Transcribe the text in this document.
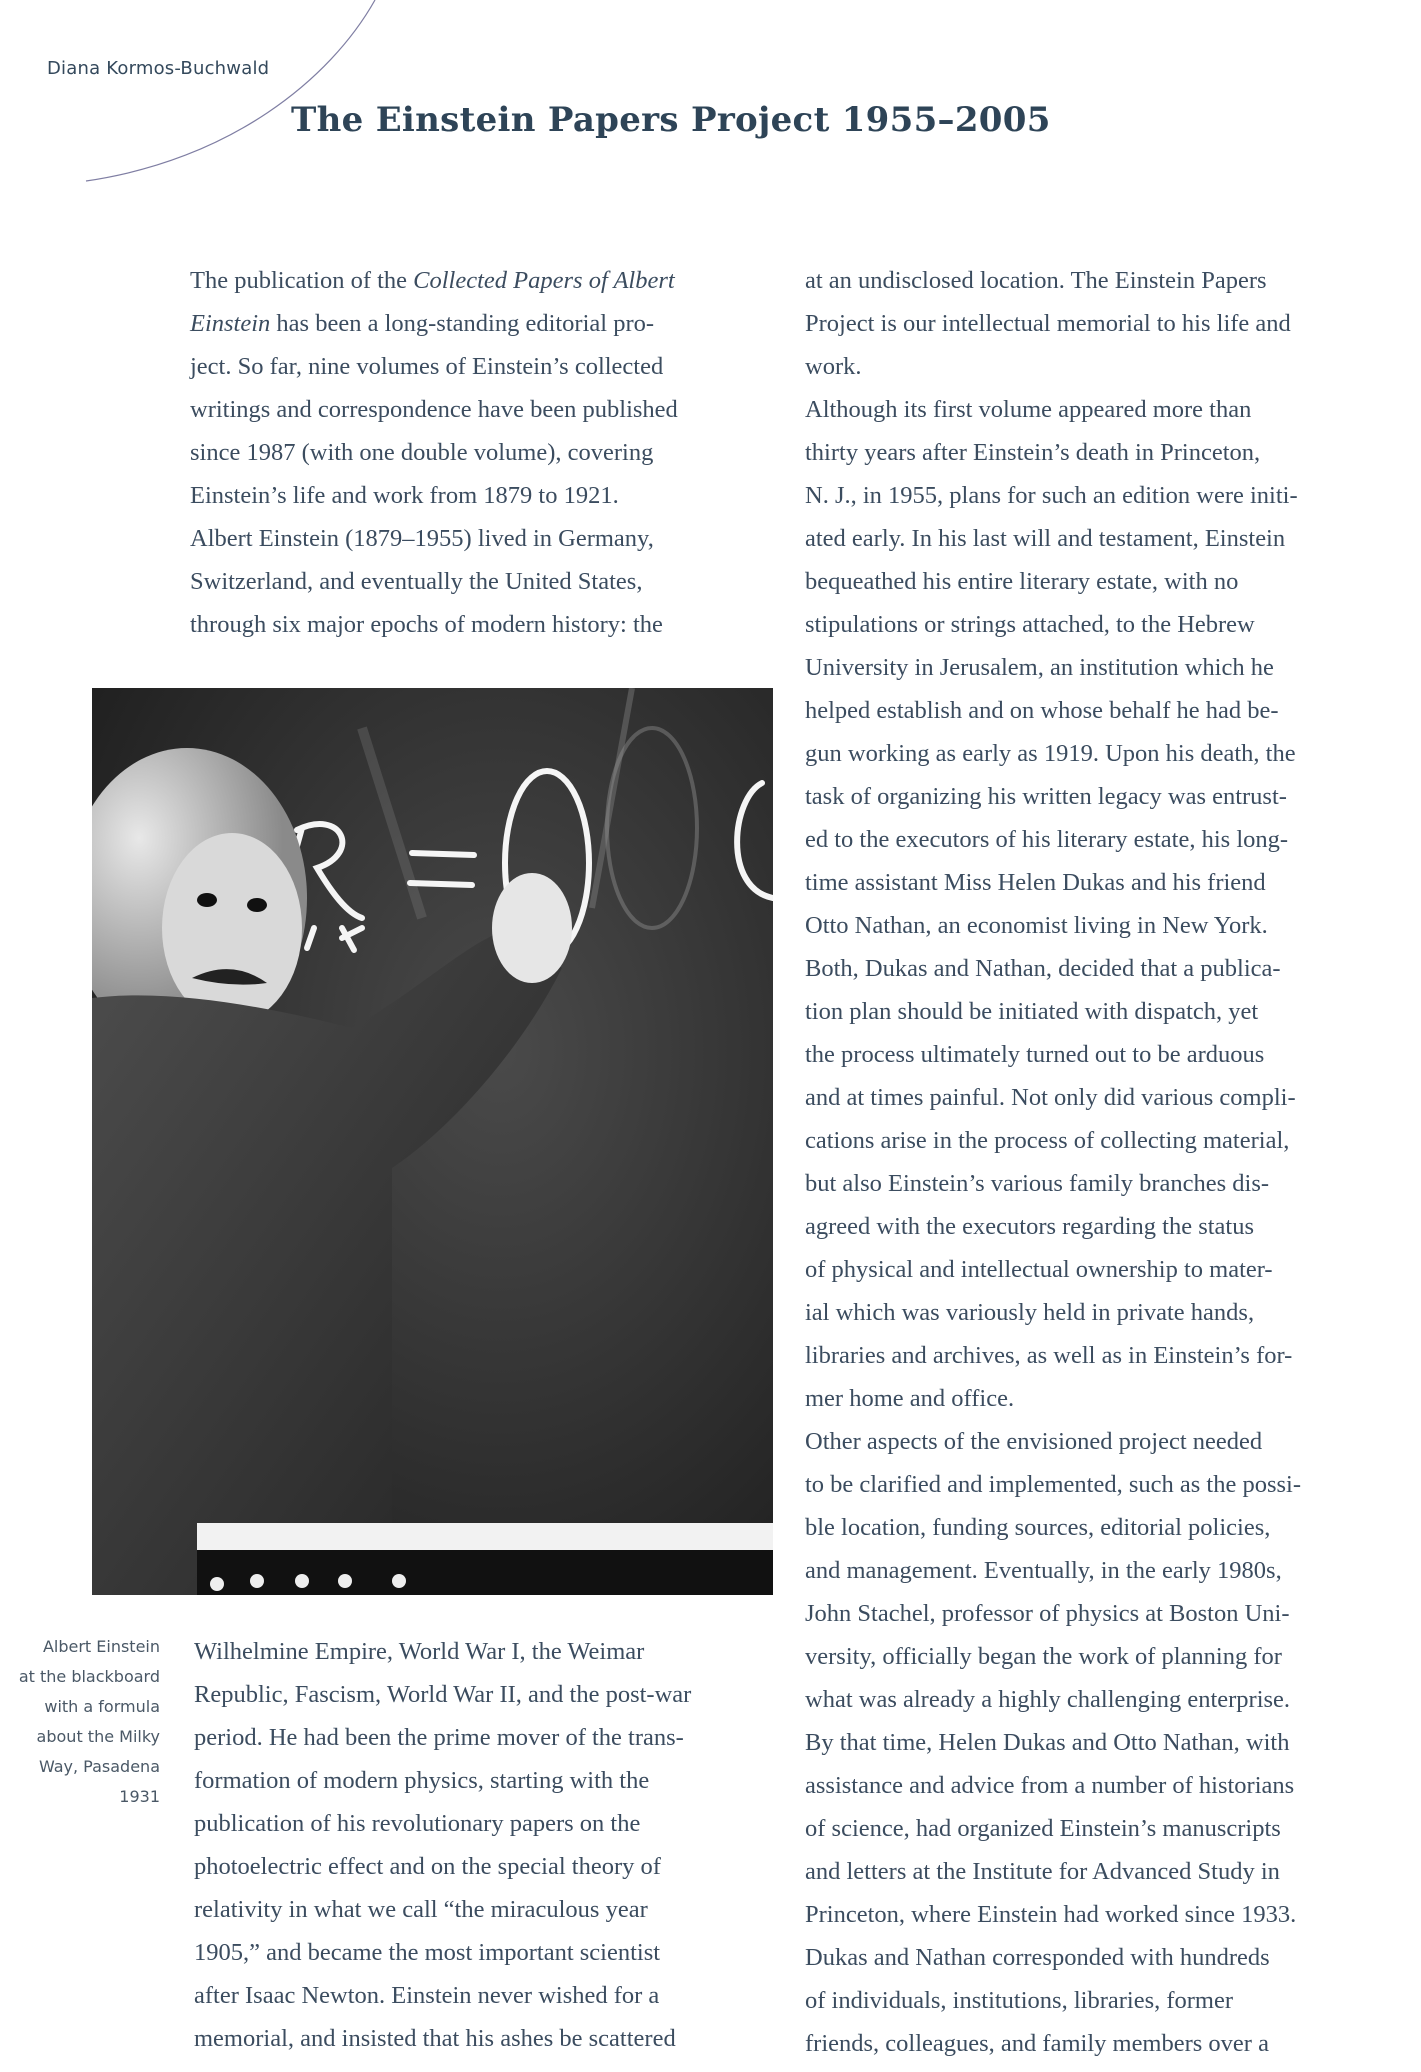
Diana Kormos-Buchwald
The Einstein Papers Project 1955–2005

The publication of the Collected Papers of Albert

Einstein has been a long-standing editorial pro-

ject. So far, nine volumes of Einstein’s collected

writings and correspondence have been published

since 1987 (with one double volume), covering

Einstein’s life and work from 1879 to 1921.

Albert Einstein (1879–1955) lived in Germany,

Switzerland, and eventually the United States,

through six major epochs of modern history: the

Albert Einstein

at the blackboard

with a formula

about the Milky

Way, Pasadena

1931

Wilhelmine Empire, World War I, the Weimar

Republic, Fascism, World War II, and the post-war

period. He had been the prime mover of the trans-

formation of modern physics, starting with the

publication of his revolutionary papers on the

photoelectric effect and on the special theory of

relativity in what we call “the miraculous year

1905,” and became the most important scientist

after Isaac Newton. Einstein never wished for a

memorial, and insisted that his ashes be scattered

at an undisclosed location. The Einstein Papers

Project is our intellectual memorial to his life and

work.

Although its first volume appeared more than

thirty years after Einstein’s death in Princeton,

N. J., in 1955, plans for such an edition were initi-

ated early. In his last will and testament, Einstein

bequeathed his entire literary estate, with no

stipulations or strings attached, to the Hebrew

University in Jerusalem, an institution which he

helped establish and on whose behalf he had be-

gun working as early as 1919. Upon his death, the

task of organizing his written legacy was entrust-

ed to the executors of his literary estate, his long-

time assistant Miss Helen Dukas and his friend

Otto Nathan, an economist living in New York.

Both, Dukas and Nathan, decided that a publica-

tion plan should be initiated with dispatch, yet

the process ultimately turned out to be arduous

and at times painful. Not only did various compli-

cations arise in the process of collecting material,

but also Einstein’s various family branches dis-

agreed with the executors regarding the status

of physical and intellectual ownership to mater-

ial which was variously held in private hands,

libraries and archives, as well as in Einstein’s for-

mer home and office.

Other aspects of the envisioned project needed

to be clarified and implemented, such as the possi-

ble location, funding sources, editorial policies,

and management. Eventually, in the early 1980s,

John Stachel, professor of physics at Boston Uni-

versity, officially began the work of planning for

what was already a highly challenging enterprise.

By that time, Helen Dukas and Otto Nathan, with

assistance and advice from a number of historians

of science, had organized Einstein’s manuscripts

and letters at the Institute for Advanced Study in

Princeton, where Einstein had worked since 1933.

Dukas and Nathan corresponded with hundreds

of individuals, institutions, libraries, former

friends, colleagues, and family members over a
